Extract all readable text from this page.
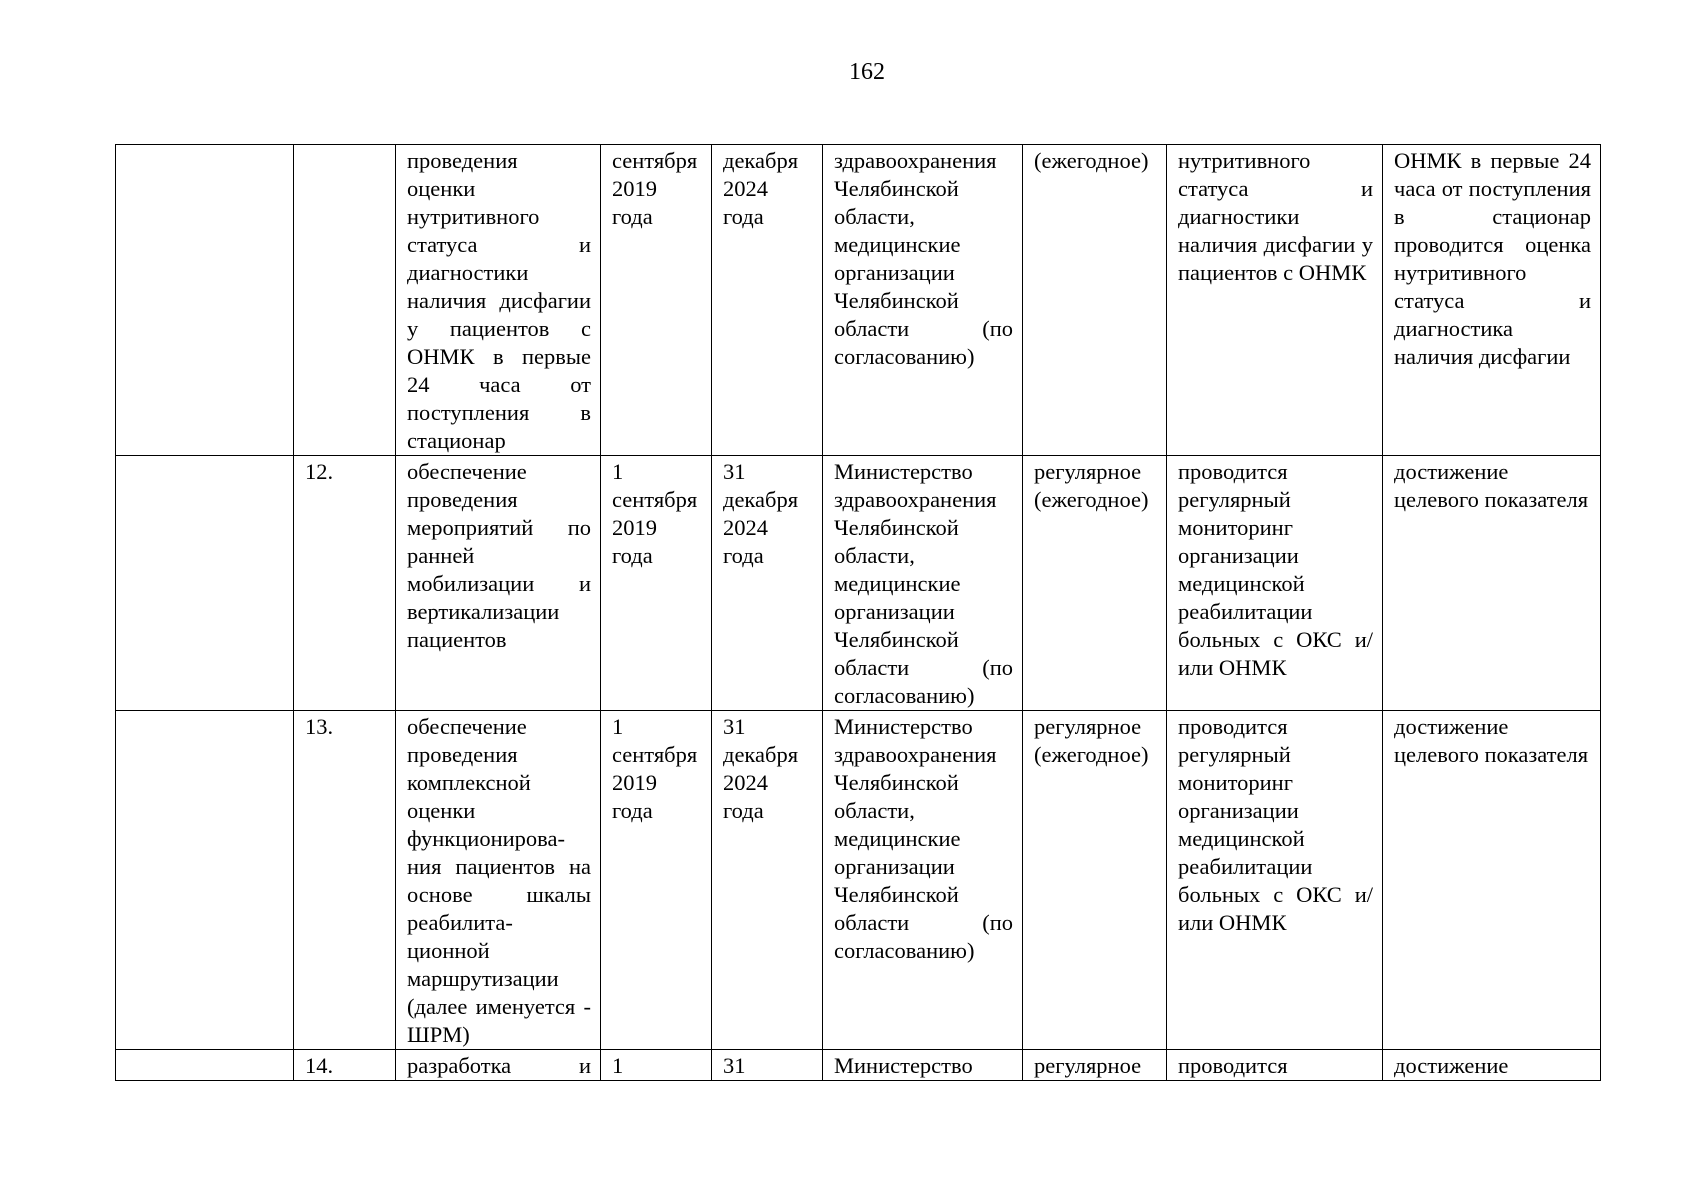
162
		проведения оценки нутритивного статуса и диагностики наличия дисфагии у пациентов с ОНМК в первые 24 часа от поступления в стационар	сентября 2019 года	декабря 2024 года	здравоохранения Челябинской области, медицинские организации Челябинской области (по согласованию)	(ежегодное)	нутритивного статуса и диагностики наличия дисфагии у пациентов с ОНМК	ОНМК в первые 24 часа от поступления в стационар проводится оценка нутритивного статуса и диагностика наличия дисфагии
	12.	обеспечение проведения мероприятий по ранней мобилизации и вертикализации пациентов	1 сентября 2019 года	31 декабря 2024 года	Министерство здравоохранения Челябинской области, медицинские организации Челябинской области (по согласованию)	регулярное (ежегодное)	проводится регулярный мониторинг организации медицинской реабилитации больных с ОКС и/или ОНМК	достижение целевого показателя
	13.	обеспечение проведения комплексной оценки функционирова-ния пациентов на основе шкалы реабилита-ционной маршрутизации (далее именуется - ШРМ)	1 сентября 2019 года	31 декабря 2024 года	Министерство здравоохранения Челябинской области, медицинские организации Челябинской области (по согласованию)	регулярное (ежегодное)	проводится регулярный мониторинг организации медицинской реабилитации больных с ОКС и/или ОНМК	достижение целевого показателя
	14.	разработка и	1	31	Министерство	регулярное	проводится	достижение
